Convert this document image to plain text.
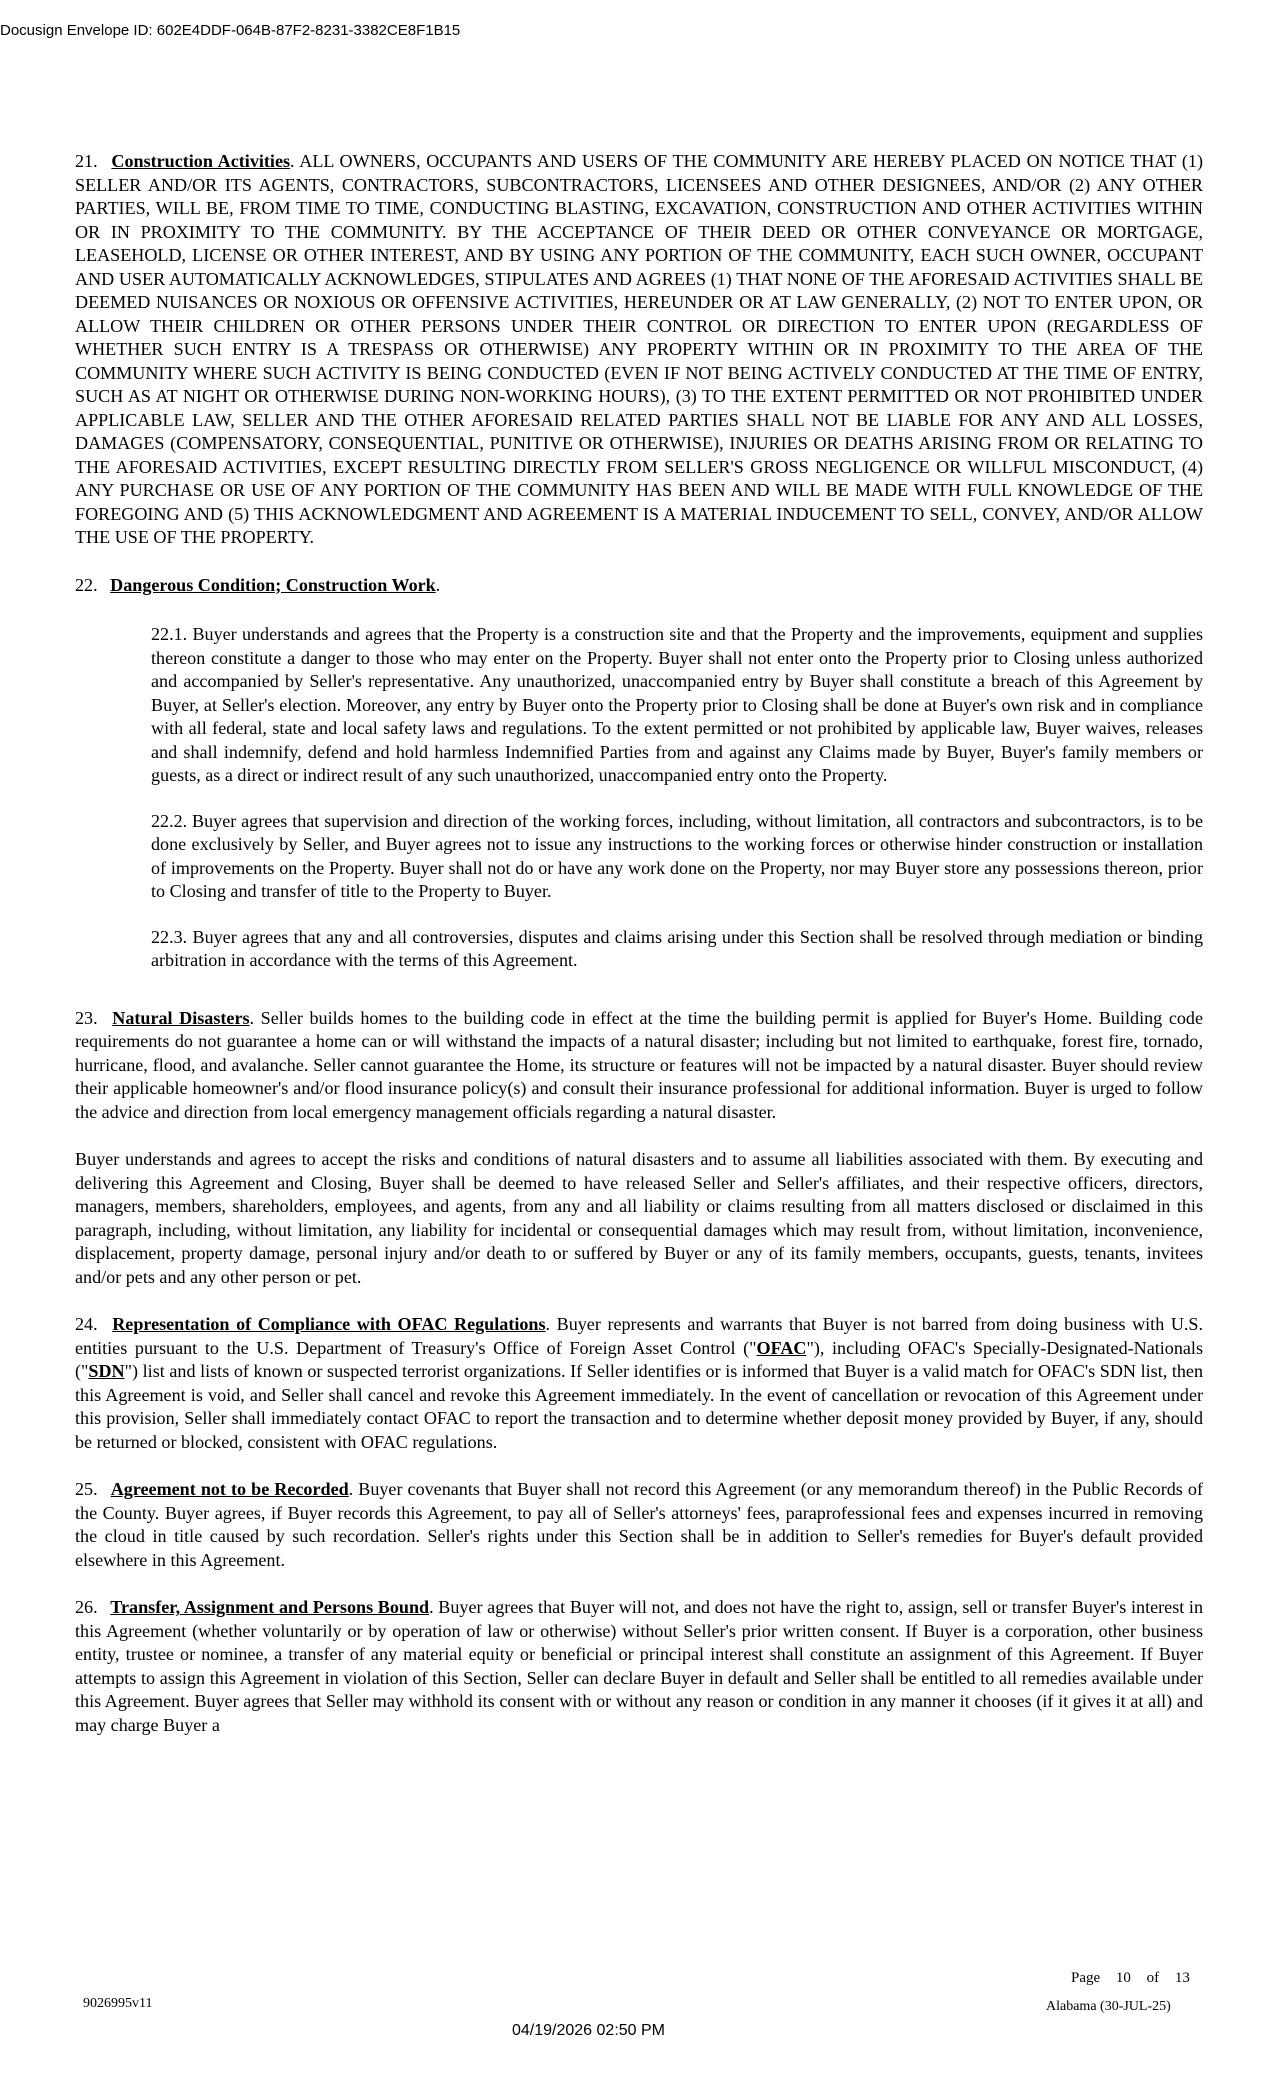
Docusign Envelope ID: 602E4DDF-064B-87F2-8231-3382CE8F1B15

21. Construction Activities. ALL OWNERS, OCCUPANTS AND USERS OF THE COMMUNITY ARE HEREBY PLACED ON NOTICE THAT (1) SELLER AND/OR ITS AGENTS, CONTRACTORS, SUBCONTRACTORS, LICENSEES AND OTHER DESIGNEES, AND/OR (2) ANY OTHER PARTIES, WILL BE, FROM TIME TO TIME, CONDUCTING BLASTING, EXCAVATION, CONSTRUCTION AND OTHER ACTIVITIES WITHIN OR IN PROXIMITY TO THE COMMUNITY. BY THE ACCEPTANCE OF THEIR DEED OR OTHER CONVEYANCE OR MORTGAGE, LEASEHOLD, LICENSE OR OTHER INTEREST, AND BY USING ANY PORTION OF THE COMMUNITY, EACH SUCH OWNER, OCCUPANT AND USER AUTOMATICALLY ACKNOWLEDGES, STIPULATES AND AGREES (1) THAT NONE OF THE AFORESAID ACTIVITIES SHALL BE DEEMED NUISANCES OR NOXIOUS OR OFFENSIVE ACTIVITIES, HEREUNDER OR AT LAW GENERALLY, (2) NOT TO ENTER UPON, OR ALLOW THEIR CHILDREN OR OTHER PERSONS UNDER THEIR CONTROL OR DIRECTION TO ENTER UPON (REGARDLESS OF WHETHER SUCH ENTRY IS A TRESPASS OR OTHERWISE) ANY PROPERTY WITHIN OR IN PROXIMITY TO THE AREA OF THE COMMUNITY WHERE SUCH ACTIVITY IS BEING CONDUCTED (EVEN IF NOT BEING ACTIVELY CONDUCTED AT THE TIME OF ENTRY, SUCH AS AT NIGHT OR OTHERWISE DURING NON-WORKING HOURS), (3) TO THE EXTENT PERMITTED OR NOT PROHIBITED UNDER APPLICABLE LAW, SELLER AND THE OTHER AFORESAID RELATED PARTIES SHALL NOT BE LIABLE FOR ANY AND ALL LOSSES, DAMAGES (COMPENSATORY, CONSEQUENTIAL, PUNITIVE OR OTHERWISE), INJURIES OR DEATHS ARISING FROM OR RELATING TO THE AFORESAID ACTIVITIES, EXCEPT RESULTING DIRECTLY FROM SELLER'S GROSS NEGLIGENCE OR WILLFUL MISCONDUCT, (4) ANY PURCHASE OR USE OF ANY PORTION OF THE COMMUNITY HAS BEEN AND WILL BE MADE WITH FULL KNOWLEDGE OF THE FOREGOING AND (5) THIS ACKNOWLEDGMENT AND AGREEMENT IS A MATERIAL INDUCEMENT TO SELL, CONVEY, AND/OR ALLOW THE USE OF THE PROPERTY.

22. Dangerous Condition; Construction Work.

22.1. Buyer understands and agrees that the Property is a construction site and that the Property and the improvements, equipment and supplies thereon constitute a danger to those who may enter on the Property. Buyer shall not enter onto the Property prior to Closing unless authorized and accompanied by Seller's representative. Any unauthorized, unaccompanied entry by Buyer shall constitute a breach of this Agreement by Buyer, at Seller's election. Moreover, any entry by Buyer onto the Property prior to Closing shall be done at Buyer's own risk and in compliance with all federal, state and local safety laws and regulations. To the extent permitted or not prohibited by applicable law, Buyer waives, releases and shall indemnify, defend and hold harmless Indemnified Parties from and against any Claims made by Buyer, Buyer's family members or guests, as a direct or indirect result of any such unauthorized, unaccompanied entry onto the Property.

22.2. Buyer agrees that supervision and direction of the working forces, including, without limitation, all contractors and subcontractors, is to be done exclusively by Seller, and Buyer agrees not to issue any instructions to the working forces or otherwise hinder construction or installation of improvements on the Property. Buyer shall not do or have any work done on the Property, nor may Buyer store any possessions thereon, prior to Closing and transfer of title to the Property to Buyer.

22.3. Buyer agrees that any and all controversies, disputes and claims arising under this Section shall be resolved through mediation or binding arbitration in accordance with the terms of this Agreement.

23. Natural Disasters. Seller builds homes to the building code in effect at the time the building permit is applied for Buyer's Home. Building code requirements do not guarantee a home can or will withstand the impacts of a natural disaster; including but not limited to earthquake, forest fire, tornado, hurricane, flood, and avalanche. Seller cannot guarantee the Home, its structure or features will not be impacted by a natural disaster. Buyer should review their applicable homeowner's and/or flood insurance policy(s) and consult their insurance professional for additional information. Buyer is urged to follow the advice and direction from local emergency management officials regarding a natural disaster.

Buyer understands and agrees to accept the risks and conditions of natural disasters and to assume all liabilities associated with them. By executing and delivering this Agreement and Closing, Buyer shall be deemed to have released Seller and Seller's affiliates, and their respective officers, directors, managers, members, shareholders, employees, and agents, from any and all liability or claims resulting from all matters disclosed or disclaimed in this paragraph, including, without limitation, any liability for incidental or consequential damages which may result from, without limitation, inconvenience, displacement, property damage, personal injury and/or death to or suffered by Buyer or any of its family members, occupants, guests, tenants, invitees and/or pets and any other person or pet.

24. Representation of Compliance with OFAC Regulations. Buyer represents and warrants that Buyer is not barred from doing business with U.S. entities pursuant to the U.S. Department of Treasury's Office of Foreign Asset Control ("OFAC"), including OFAC's Specially-Designated-Nationals ("SDN") list and lists of known or suspected terrorist organizations. If Seller identifies or is informed that Buyer is a valid match for OFAC's SDN list, then this Agreement is void, and Seller shall cancel and revoke this Agreement immediately. In the event of cancellation or revocation of this Agreement under this provision, Seller shall immediately contact OFAC to report the transaction and to determine whether deposit money provided by Buyer, if any, should be returned or blocked, consistent with OFAC regulations.

25. Agreement not to be Recorded. Buyer covenants that Buyer shall not record this Agreement (or any memorandum thereof) in the Public Records of the County. Buyer agrees, if Buyer records this Agreement, to pay all of Seller's attorneys' fees, paraprofessional fees and expenses incurred in removing the cloud in title caused by such recordation. Seller's rights under this Section shall be in addition to Seller's remedies for Buyer's default provided elsewhere in this Agreement.

26. Transfer, Assignment and Persons Bound. Buyer agrees that Buyer will not, and does not have the right to, assign, sell or transfer Buyer's interest in this Agreement (whether voluntarily or by operation of law or otherwise) without Seller's prior written consent. If Buyer is a corporation, other business entity, trustee or nominee, a transfer of any material equity or beneficial or principal interest shall constitute an assignment of this Agreement. If Buyer attempts to assign this Agreement in violation of this Section, Seller can declare Buyer in default and Seller shall be entitled to all remedies available under this Agreement. Buyer agrees that Seller may withhold its consent with or without any reason or condition in any manner it chooses (if it gives it at all) and may charge Buyer a

Page 10 of 13
9026995v11	Alabama (30-JUL-25)
04/19/2026 02:50 PM
